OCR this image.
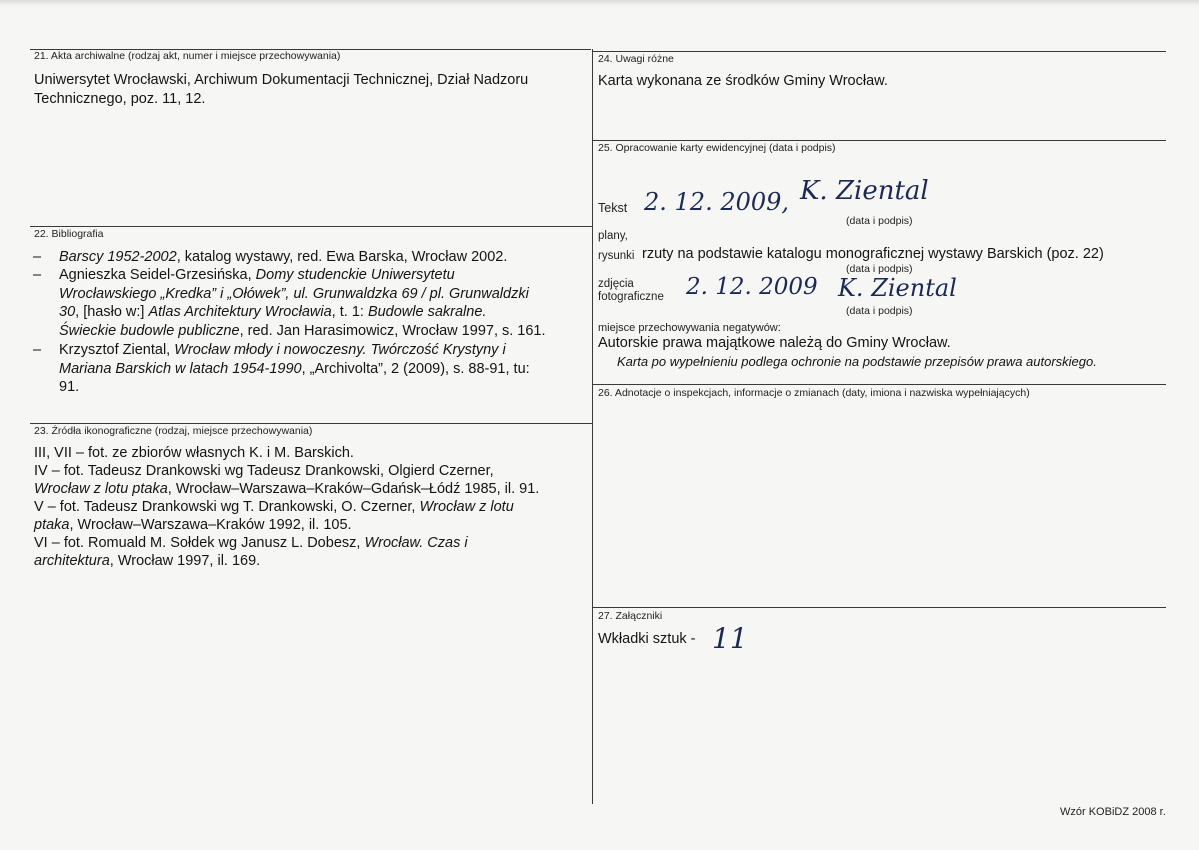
21. Akta archiwalne (rodzaj akt, numer i miejsce przechowywania)
Uniwersytet Wrocławski, Archiwum Dokumentacji Technicznej, Dział Nadzoru
Technicznego, poz. 11, 12.
22. Bibliografia
– Barscy 1952-2002, katalog wystawy, red. Ewa Barska, Wrocław 2002.
– Agnieszka Seidel-Grzesińska, Domy studenckie Uniwersytetu
Wrocławskiego „Kredka” i „Ołówek”, ul. Grunwaldzka 69 / pl. Grunwaldzki
30, [hasło w:] Atlas Architektury Wrocławia, t. 1: Budowle sakralne.
Świeckie budowle publiczne, red. Jan Harasimowicz, Wrocław 1997, s. 161.
– Krzysztof Ziental, Wrocław młody i nowoczesny. Twórczość Krystyny i
Mariana Barskich w latach 1954-1990, „Archivolta”, 2 (2009), s. 88-91, tu:
91.
23. Źródła ikonograficzne (rodzaj, miejsce przechowywania)
III, VII – fot. ze zbiorów własnych K. i M. Barskich.
IV – fot. Tadeusz Drankowski wg Tadeusz Drankowski, Olgierd Czerner,
Wrocław z lotu ptaka, Wrocław–Warszawa–Kraków–Gdańsk–Łódź 1985, il. 91.
V – fot. Tadeusz Drankowski wg T. Drankowski, O. Czerner, Wrocław z lotu
ptaka, Wrocław–Warszawa–Kraków 1992, il. 105.
VI – fot. Romuald M. Sołdek wg Janusz L. Dobesz, Wrocław. Czas i
architektura, Wrocław 1997, il. 169.
24. Uwagi różne
Karta wykonana ze środków Gminy Wrocław.
25. Opracowanie karty ewidencyjnej (data i podpis)
Tekst 2. 12. 2009, K. Ziental
(data i podpis)
plany,
rysunki rzuty na podstawie katalogu monograficznej wystawy Barskich (poz. 22)
(data i podpis)
zdjęcia
fotograficzne 2. 12. 2009 K. Ziental
(data i podpis)
miejsce przechowywania negatywów:
Autorskie prawa majątkowe należą do Gminy Wrocław.
Karta po wypełnieniu podlega ochronie na podstawie przepisów prawa autorskiego.
26. Adnotacje o inspekcjach, informacje o zmianach (daty, imiona i nazwiska wypełniających)
27. Załączniki
Wkładki sztuk - 11
Wzór KOBiDZ 2008 r.
